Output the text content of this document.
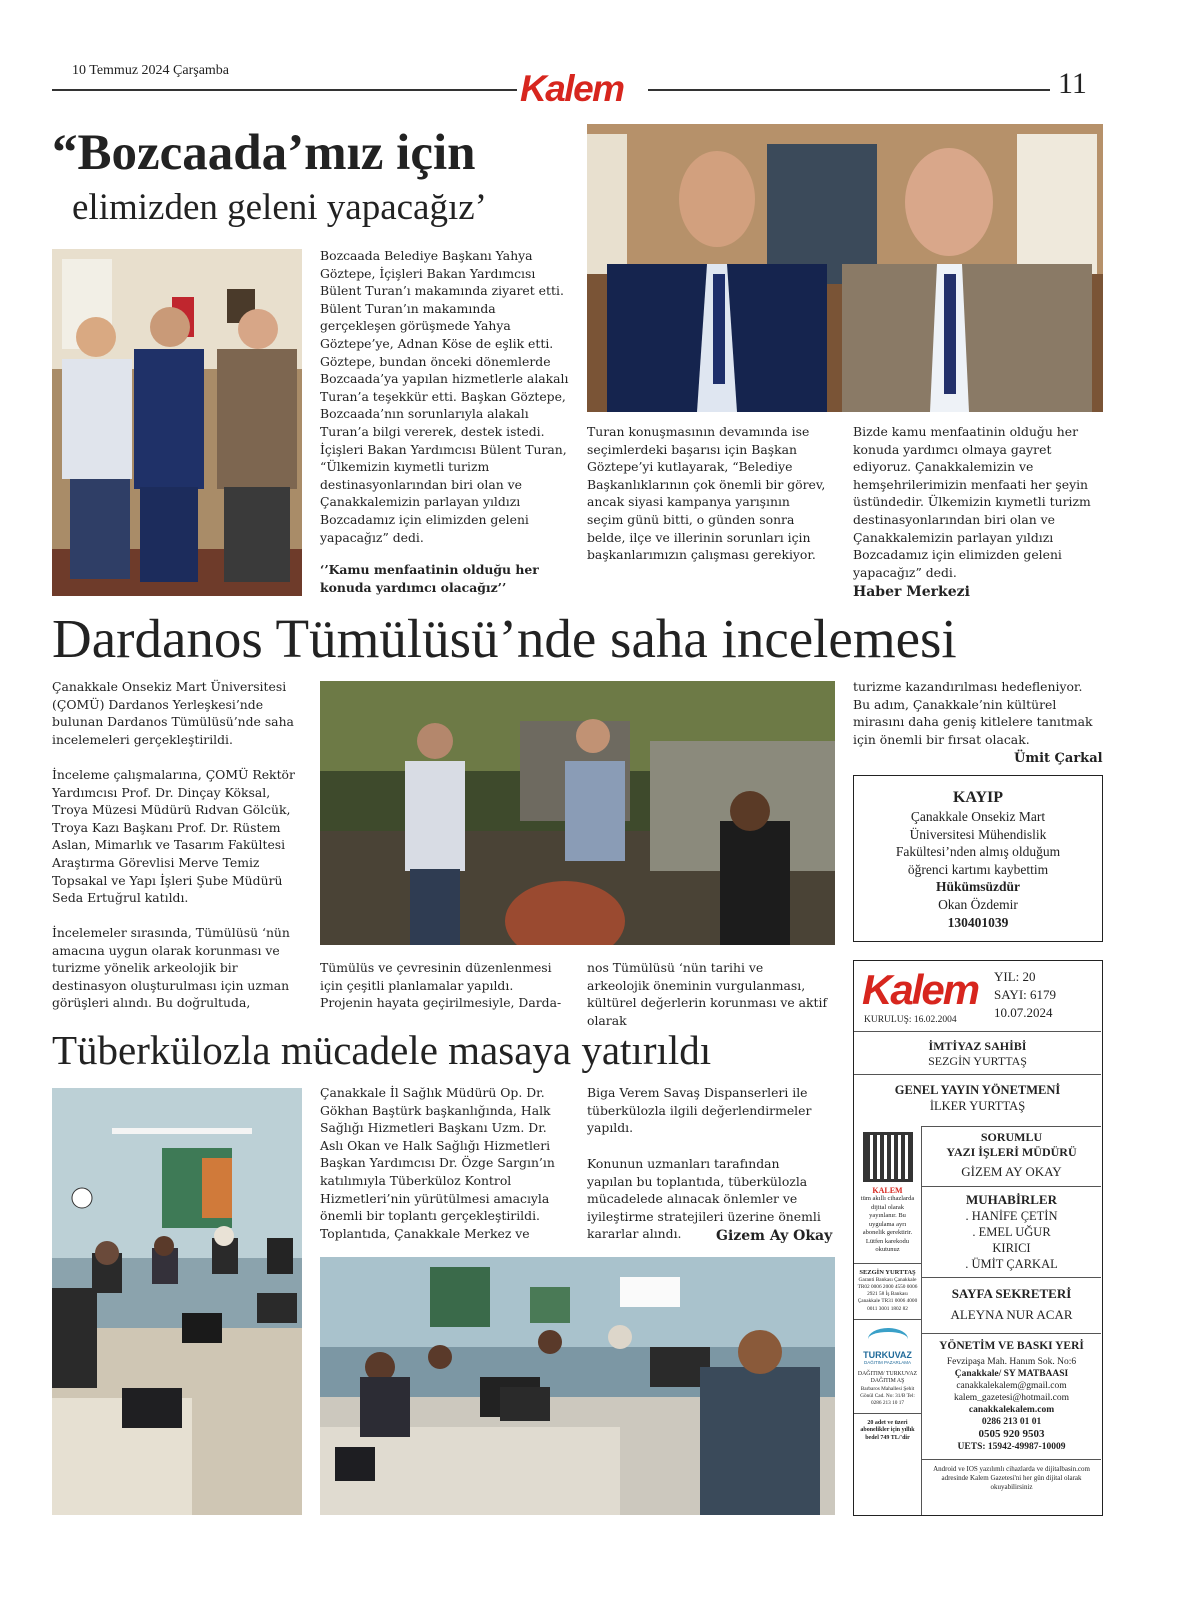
10 Temmuz 2024 Çarşamba	Kalem	11
“Bozcaada’mız için
elimizden geleni yapacağız’
Bozcaada Belediye Başkanı Yahya Göztepe, İçişleri Bakan Yardımcısı Bülent Turan’ı makamında ziyaret etti. Bülent Turan’ın makamında gerçekleşen görüşmede Yahya Göztepe’ye, Adnan Köse de eşlik etti. Göztepe, bundan önceki dönemlerde Bozcaada’ya yapılan hizmetlerle alakalı Turan’a teşekkür etti. Başkan Göztepe, Bozcaada’nın sorunlarıyla alakalı Turan’a bilgi vererek, destek istedi. İçişleri Bakan Yardımcısı Bülent Turan, “Ülkemizin kıymetli turizm destinasyonlarından biri olan ve Çanakkalemizin parlayan yıldızı Bozcadamız için elimizden geleni yapacağız” dedi.
‘’Kamu menfaatinin olduğu her konuda yardımcı olacağız’’
Turan konuşmasının devamında ise seçimlerdeki başarısı için Başkan Göztepe’yi kutlayarak, “Belediye Başkanlıklarının çok önemli bir görev, ancak siyasi kampanya yarışının seçim günü bitti, o günden sonra belde, ilçe ve illerinin sorunları için başkanlarımızın çalışması gerekiyor.
Bizde kamu menfaatinin olduğu her konuda yardımcı olmaya gayret ediyoruz. Çanakkalemizin ve hemşehrilerimizin menfaati her şeyin üstündedir. Ülkemizin kıymetli turizm destinasyonlarından biri olan ve Çanakkalemizin parlayan yıldızı Bozcadamız için elimizden geleni yapacağız” dedi.
Haber Merkezi
Dardanos Tümülüsü’nde saha incelemesi
Çanakkale Onsekiz Mart Üniversitesi (ÇOMÜ) Dardanos Yerleşkesi’nde bulunan Dardanos Tümülüsü’nde saha incelemeleri gerçekleştirildi.
İnceleme çalışmalarına, ÇOMÜ Rektör Yardımcısı Prof. Dr. Dinçay Köksal, Troya Müzesi Müdürü Rıdvan Gölcük, Troya Kazı Başkanı Prof. Dr. Rüstem Aslan, Mimarlık ve Tasarım Fakültesi Araştırma Görevlisi Merve Temiz Topsakal ve Yapı İşleri Şube Müdürü Seda Ertuğrul katıldı.
İncelemeler sırasında, Tümülüsü ‘nün amacına uygun olarak korunması ve turizme yönelik arkeolojik bir destinasyon oluşturulması için uzman görüşleri alındı. Bu doğrultuda,
Tümülüs ve çevresinin düzenlenmesi için çeşitli planlamalar yapıldı. Projenin hayata geçirilmesiyle, Darda-
nos Tümülüsü ‘nün tarihi ve arkeolojik öneminin vurgulanması, kültürel değerlerin korunması ve aktif olarak
turizme kazandırılması hedefleniyor. Bu adım, Çanakkale’nin kültürel mirasını daha geniş kitlelere tanıtmak için önemli bir fırsat olacak.
Ümit Çarkal
KAYIP
Çanakkale Onsekiz Mart Üniversitesi Mühendislik Fakültesi’nden almış olduğum öğrenci kartımı kaybettim
Hükümsüzdür
Okan Özdemir
130401039
Tüberkülozla mücadele masaya yatırıldı
Çanakkale İl Sağlık Müdürü Op. Dr. Gökhan Baştürk başkanlığında, Halk Sağlığı Hizmetleri Başkanı Uzm. Dr. Aslı Okan ve Halk Sağlığı Hizmetleri Başkan Yardımcısı Dr. Özge Sargın’ın katılımıyla Tüberküloz Kontrol Hizmetleri’nin yürütülmesi amacıyla önemli bir toplantı gerçekleştirildi. Toplantıda, Çanakkale Merkez ve
Biga Verem Savaş Dispanserleri ile tüberkülozla ilgili değerlendirmeler yapıldı.
Konunun uzmanları tarafından yapılan bu toplantıda, tüberkülozla mücadelede alınacak önlemler ve iyileştirme stratejileri üzerine önemli kararlar alındı.	Gizem Ay Okay
Kalem
KURULUŞ: 16.02.2004
YIL: 20
SAYI: 6179
10.07.2024
KALEM
tüm akıllı cihazlarda dijital olarak yayınlanır. Bu uygulama ayrı abonelik gerektirir. Lütfen karekodu okutunuz
SEZGİN YURTTAŞ
Garanti Bankası Çanakkale TR02 0006 2000 4550 0006 2921 58 İş Bankası Çanakkale TR31 0006 4000 0011 3001 1802 82
TURKUVAZ
DAĞITIM PAZARLAMA
DAĞITIM/ TURKUVAZ DAĞITIM AŞ
Barbaros Mahallesi Şehit Gönül Cad. No: 31/B Tel: 0286 213 10 17
20 adet ve üzeri abonelikler için yıllık bedel 749 TL/'dir
İMTİYAZ SAHİBİ
SEZGİN YURTTAŞ
GENEL YAYIN YÖNETMENİ
İLKER YURTTAŞ
SORUMLU
YAZI İŞLERİ MÜDÜRÜ
GİZEM AY OKAY
MUHABİRLER
. HANİFE ÇETİN
. EMEL UĞUR
KIRICI
. ÜMİT ÇARKAL
SAYFA SEKRETERİ
ALEYNA NUR ACAR
YÖNETİM VE BASKI YERİ
Fevzipaşa Mah. Hanım Sok. No:6
Çanakkale/ SY MATBAASI
canakkalekalem@gmail.com
kalem_gazetesi@hotmail.com
canakkalekalem.com
0286 213 01 01
0505 920 9503
UETS: 15942-49987-10009
Android ve IOS yazılımlı cihazlarda ve dijitalbasin.com adresinde Kalem Gazetesi'ni her gün dijital olarak okuyabilirsiniz
